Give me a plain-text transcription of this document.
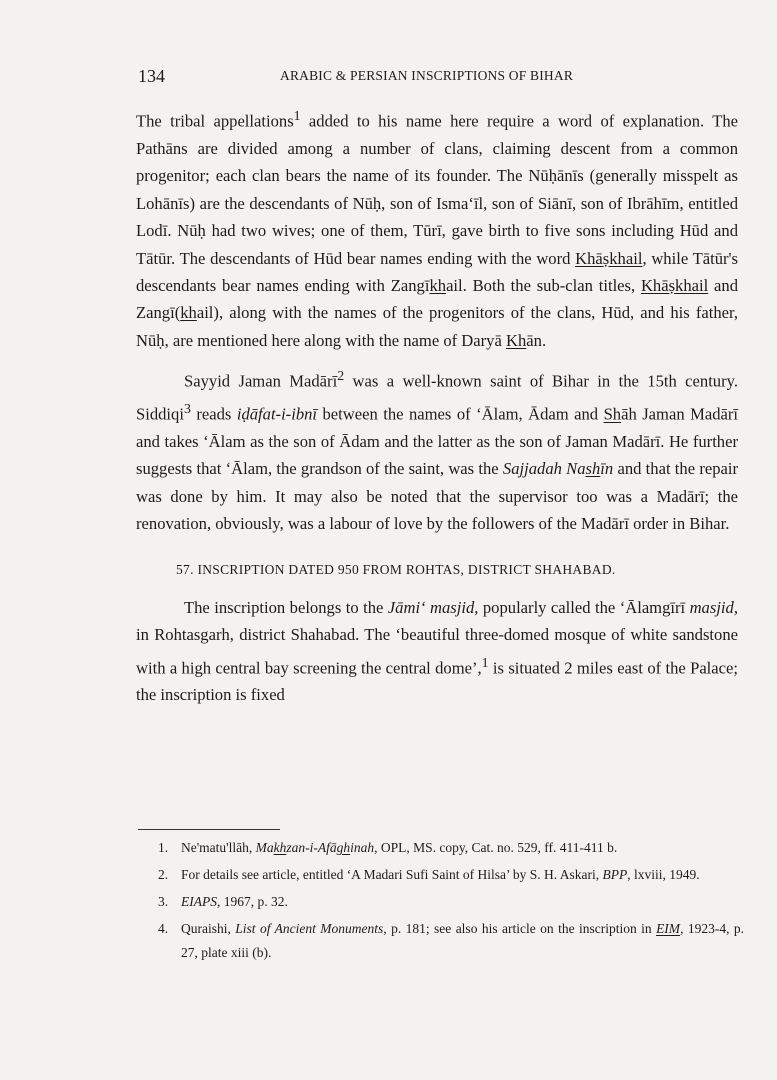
134	ARABIC & PERSIAN INSCRIPTIONS OF BIHAR

The tribal appellations$^1$ added to his name here require a word of explanation. The Pathāns are divided among a number of clans, claiming descent from a common progenitor; each clan bears the name of its founder. The Nūḥānīs (generally misspelt as Lohānīs) are the descendants of Nūḥ, son of Isma‘īl, son of Siānī, son of Ibrāhīm, entitled Lodī. Nūḥ had two wives; one of them, Tūrī, gave birth to five sons including Hūd and Tātūr. The descendants of Hūd bear names ending with the word Khāṣkhail, while Tātūr's descendants bear names ending with Zangīkhail. Both the sub-clan titles, Khāṣkhail and Zangī(khail), along with the names of the progenitors of the clans, Hūd, and his father, Nūḥ, are mentioned here along with the name of Daryā Khān.

Sayyid Jaman Madārī$^2$ was a well-known saint of Bihar in the 15th century. Siddiqi$^3$ reads iḍāfat-i-ibnī between the names of ‘Ālam, Ādam and Shāh Jaman Madārī and takes ‘Ālam as the son of Ādam and the latter as the son of Jaman Madārī. He further suggests that ‘Ālam, the grandson of the saint, was the Sajjadah Nashīn and that the repair was done by him. It may also be noted that the supervisor too was a Madārī; the renovation, obviously, was a labour of love by the followers of the Madārī order in Bihar.

57. INSCRIPTION DATED 950 FROM ROHTAS, DISTRICT SHAHABAD.

The inscription belongs to the Jāmi‘ masjid, popularly called the ‘Ālamgīrī masjid, in Rohtasgarh, district Shahabad. The ‘beautiful three-domed mosque of white sandstone with a high central bay screening the central dome’,$^1$ is situated 2 miles east of the Palace; the inscription is fixed

1. Ne'matu'llāh, Makhzan-i-Afāghinah, OPL, MS. copy, Cat. no. 529, ff. 411-411 b.
2. For details see article, entitled ‘A Madari Sufi Saint of Hilsa’ by S. H. Askari, BPP, lxviii, 1949.
3. EIAPS, 1967, p. 32.
4. Quraishi, List of Ancient Monuments, p. 181; see also his article on the inscription in EIM, 1923-4, p. 27, plate xiii (b).
